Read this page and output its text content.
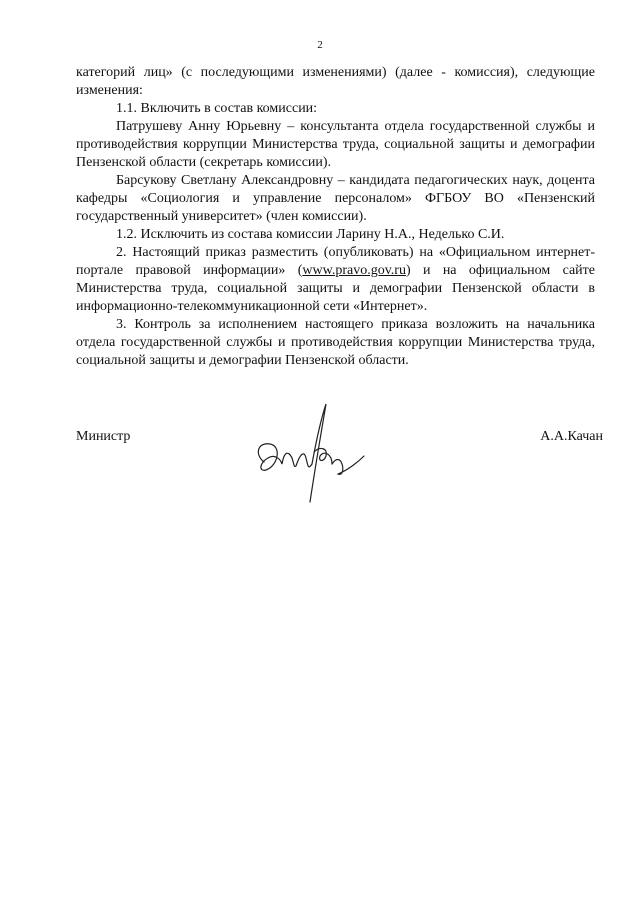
2

категорий лиц» (с последующими изменениями) (далее - комиссия), следующие изменения:

1.1. Включить в состав комиссии:

Патрушеву Анну Юрьевну – консультанта отдела государственной службы и противодействия коррупции Министерства труда, социальной защиты и демографии Пензенской области (секретарь комиссии).

Барсукову Светлану Александровну – кандидата педагогических наук, доцента кафедры «Социология и управление персоналом» ФГБОУ ВО «Пензенский государственный университет» (член комиссии).

1.2. Исключить из состава комиссии Ларину Н.А., Неделько С.И.

2. Настоящий приказ разместить (опубликовать) на «Официальном интернет-портале правовой информации» (www.pravo.gov.ru) и на официальном сайте Министерства труда, социальной защиты и демографии Пензенской области в информационно-телекоммуникационной сети «Интернет».

3. Контроль за исполнением настоящего приказа возложить на начальника отдела государственной службы и противодействия коррупции Министерства труда, социальной защиты и демографии Пензенской области.

Министр	А.А.Качан
